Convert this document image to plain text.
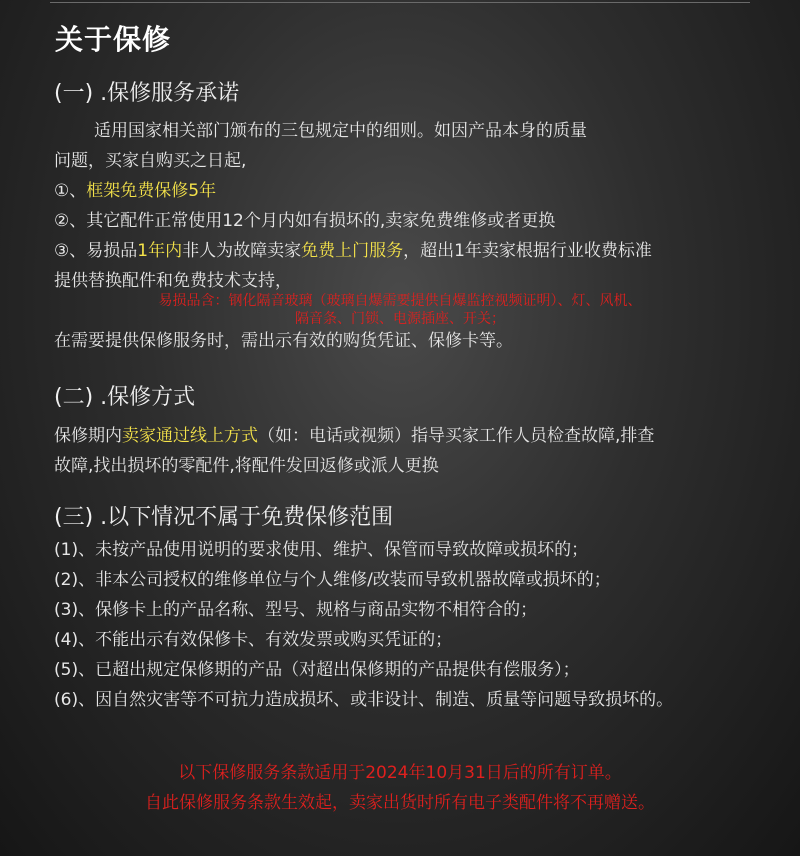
关于保修
(一) .保修服务承诺
适用国家相关部门颁布的三包规定中的细则。如因产品本身的质量
问题，买家自购买之日起,
①、框架免费保修5年
②、其它配件正常使用12个月内如有损坏的,卖家免费维修或者更换
③、易损品1年内非人为故障卖家免费上门服务，超出1年卖家根据行业收费标准
提供替换配件和免费技术支持，
易损品含：钢化隔音玻璃（玻璃自爆需要提供自爆监控视频证明）、灯、风机、
隔音条、门锁、电源插座、开关；
在需要提供保修服务时，需出示有效的购货凭证、保修卡等。
(二) .保修方式
保修期内卖家通过线上方式（如：电话或视频）指导买家工作人员检查故障,排查
故障,找出损坏的零配件,将配件发回返修或派人更换
(三) .以下情况不属于免费保修范围
(1)、未按产品使用说明的要求使用、维护、保管而导致故障或损坏的；
(2)、非本公司授权的维修单位与个人维修/改装而导致机器故障或损坏的；
(3)、保修卡上的产品名称、型号、规格与商品实物不相符合的；
(4)、不能出示有效保修卡、有效发票或购买凭证的；
(5)、已超出规定保修期的产品（对超出保修期的产品提供有偿服务）；
(6)、因自然灾害等不可抗力造成损坏、或非设计、制造、质量等问题导致损坏的。
以下保修服务条款适用于2024年10月31日后的所有订单。
自此保修服务条款生效起，卖家出货时所有电子类配件将不再赠送。
